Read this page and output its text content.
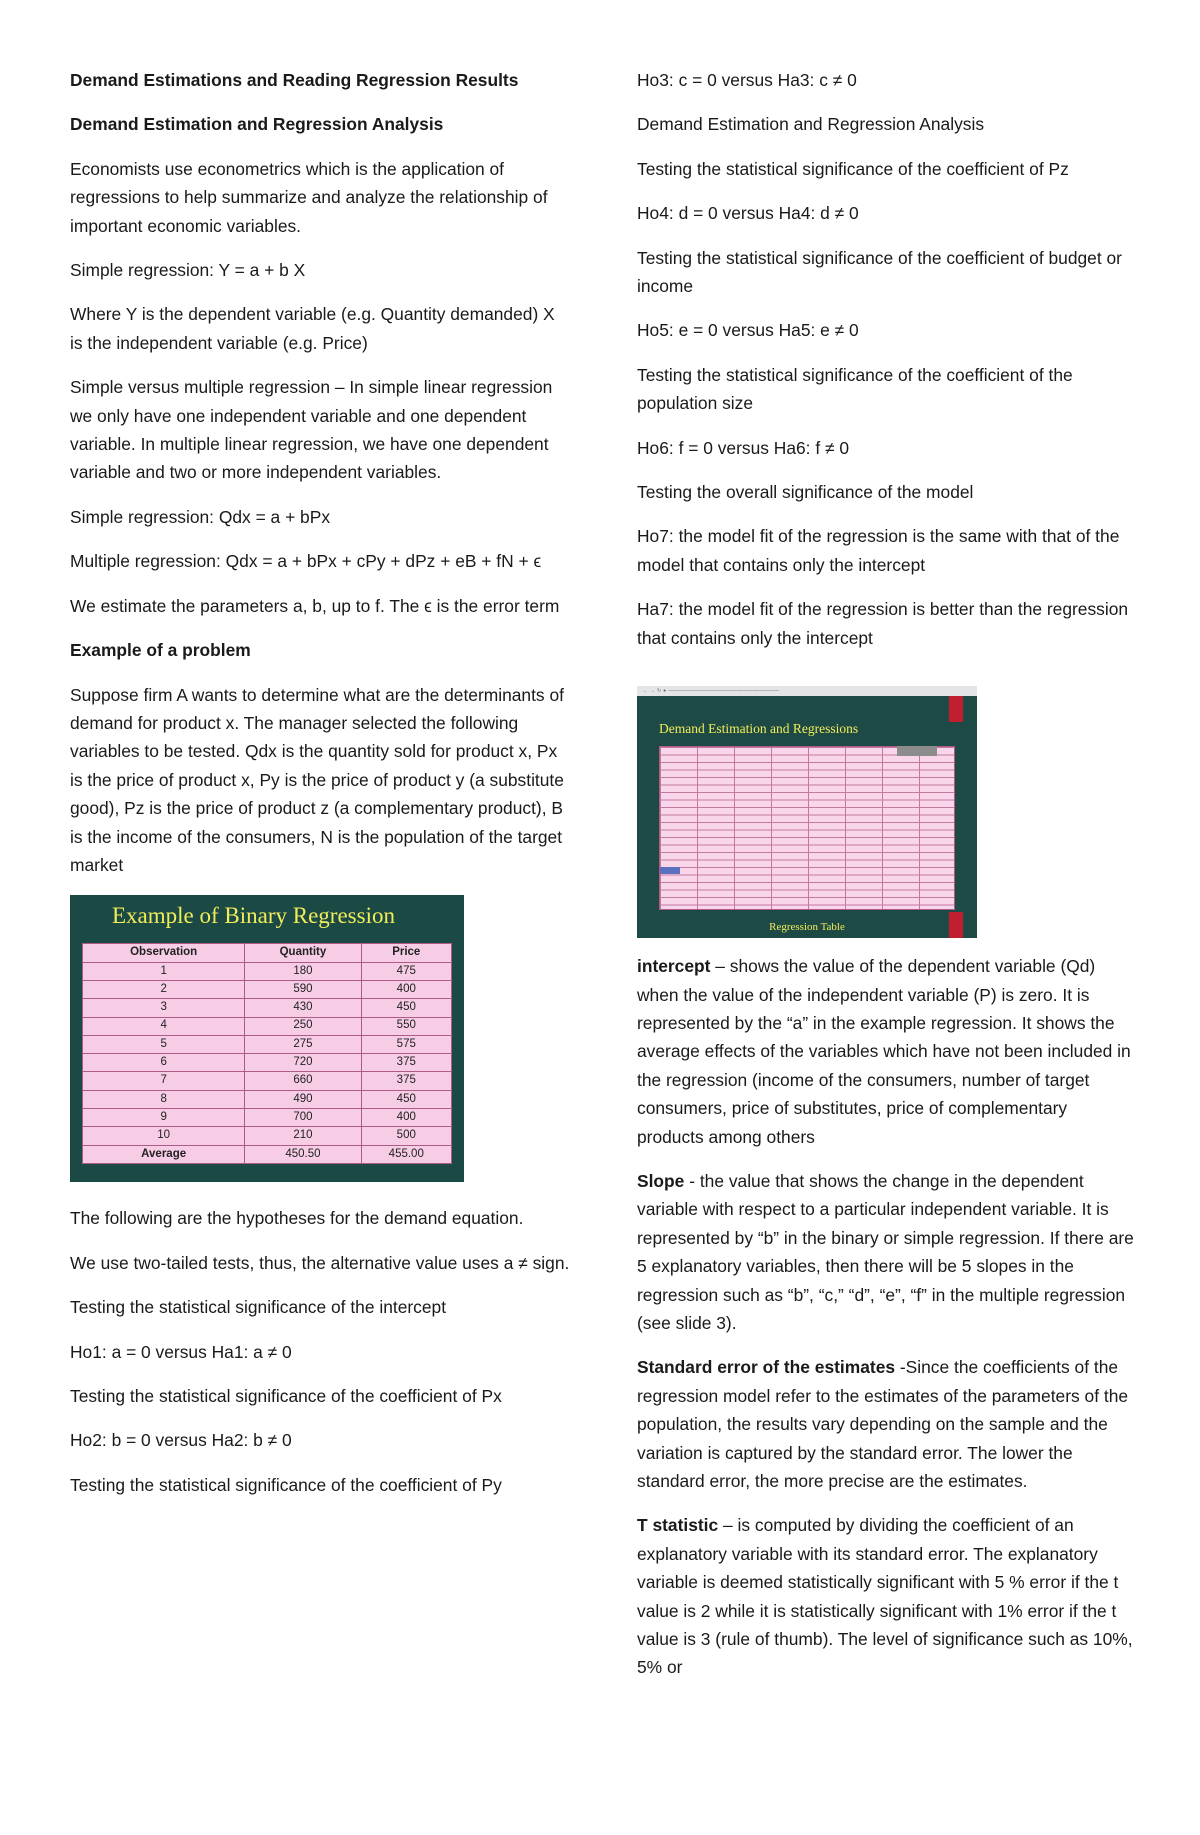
Demand Estimations and Reading Regression Results

Demand Estimation and Regression Analysis

Economists use econometrics which is the application of regressions to help summarize and analyze the relationship of important economic variables.

Simple regression: Y = a + b X

Where Y is the dependent variable (e.g. Quantity demanded) X is the independent variable (e.g. Price)

Simple versus multiple regression – In simple linear regression we only have one independent variable and one dependent variable. In multiple linear regression, we have one dependent variable and two or more independent variables.

Simple regression: Qdx = a + bPx

Multiple regression: Qdx = a + bPx + cPy + dPz + eB + fN + ϵ

We estimate the parameters a, b, up to f. The ϵ is the error term

Example of a problem

Suppose firm A wants to determine what are the determinants of demand for product x. The manager selected the following variables to be tested. Qdx is the quantity sold for product x, Px is the price of product x, Py is the price of product y (a substitute good), Pz is the price of product z (a complementary product), B is the income of the consumers, N is the population of the target market

Example of Binary Regression
Observation	Quantity	Price
1	180	475
2	590	400
3	430	450
4	250	550
5	275	575
6	720	375
7	660	375
8	490	450
9	700	400
10	210	500
Average	450.50	455.00

The following are the hypotheses for the demand equation.

We use two-tailed tests, thus, the alternative value uses a ≠ sign.

Testing the statistical significance of the intercept

Ho1: a = 0 versus Ha1: a ≠ 0

Testing the statistical significance of the coefficient of Px

Ho2: b = 0 versus Ha2: b ≠ 0

Testing the statistical significance of the coefficient of Py

Ho3: c = 0 versus Ha3: c ≠ 0

Demand Estimation and Regression Analysis

Testing the statistical significance of the coefficient of Pz

Ho4: d = 0 versus Ha4: d ≠ 0

Testing the statistical significance of the coefficient of budget or income

Ho5: e = 0 versus Ha5: e ≠ 0

Testing the statistical significance of the coefficient of the population size

Ho6: f = 0 versus Ha6: f ≠ 0

Testing the overall significance of the model

Ho7: the model fit of the regression is the same with that of the model that contains only the intercept

Ha7: the model fit of the regression is better than the regression that contains only the intercept

← → ↻ ● —————————————————————
Demand Estimation and Regressions
Regression Table

intercept – shows the value of the dependent variable (Qd) when the value of the independent variable (P) is zero. It is represented by the “a” in the example regression. It shows the average effects of the variables which have not been included in the regression (income of the consumers, number of target consumers, price of substitutes, price of complementary products among others

Slope - the value that shows the change in the dependent variable with respect to a particular independent variable. It is represented by “b” in the binary or simple regression. If there are 5 explanatory variables, then there will be 5 slopes in the regression such as “b”, “c,” “d”, “e”, “f” in the multiple regression (see slide 3).

Standard error of the estimates -Since the coefficients of the regression model refer to the estimates of the parameters of the population, the results vary depending on the sample and the variation is captured by the standard error. The lower the standard error, the more precise are the estimates.

T statistic – is computed by dividing the coefficient of an explanatory variable with its standard error. The explanatory variable is deemed statistically significant with 5 % error if the t value is 2 while it is statistically significant with 1% error if the t value is 3 (rule of thumb). The level of significance such as 10%, 5% or
